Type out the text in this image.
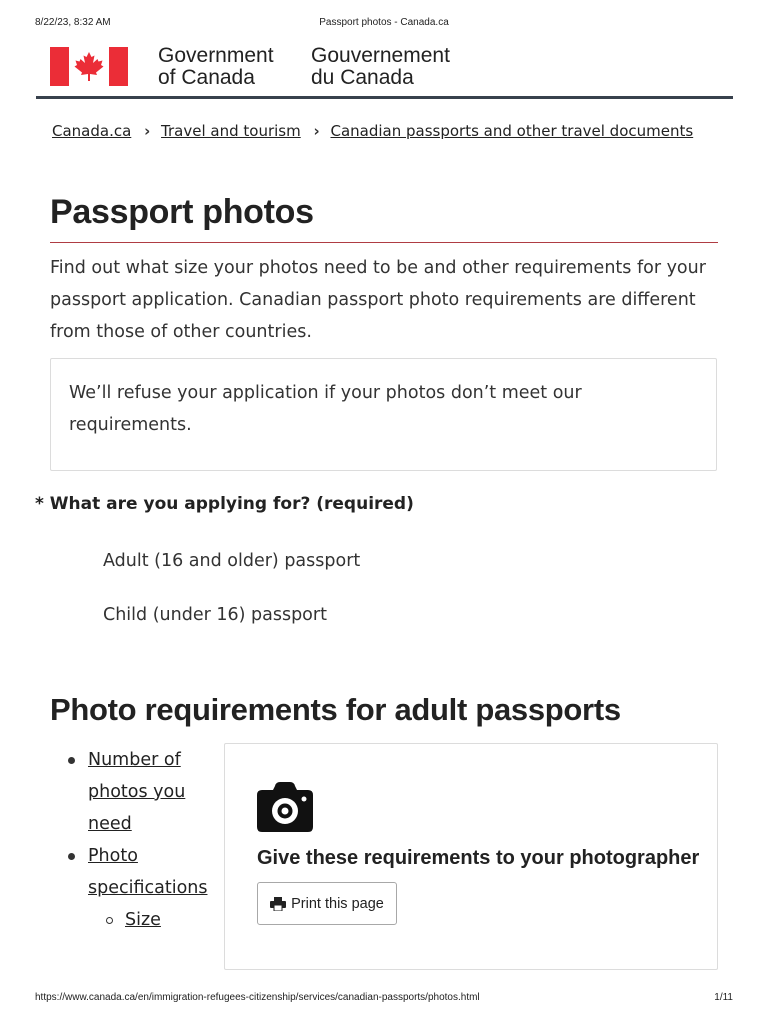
8/22/23, 8:32 AM	Passport photos - Canada.ca
Government
of Canada
Gouvernement
du Canada
Canada.ca › Travel and tourism › Canadian passports and other travel documents
Passport photos

Find out what size your photos need to be and other requirements for your passport application. Canadian passport photo requirements are different from those of other countries.

We’ll refuse your application if your photos don’t meet our requirements.

* What are you applying for? (required)
Adult (16 and older) passport
Child (under 16) passport
Photo requirements for adult passports
Number of photos you need
Photo specifications
Size
Give these requirements to your photographer
Print this page
https://www.canada.ca/en/immigration-refugees-citizenship/services/canadian-passports/photos.html	1/11
